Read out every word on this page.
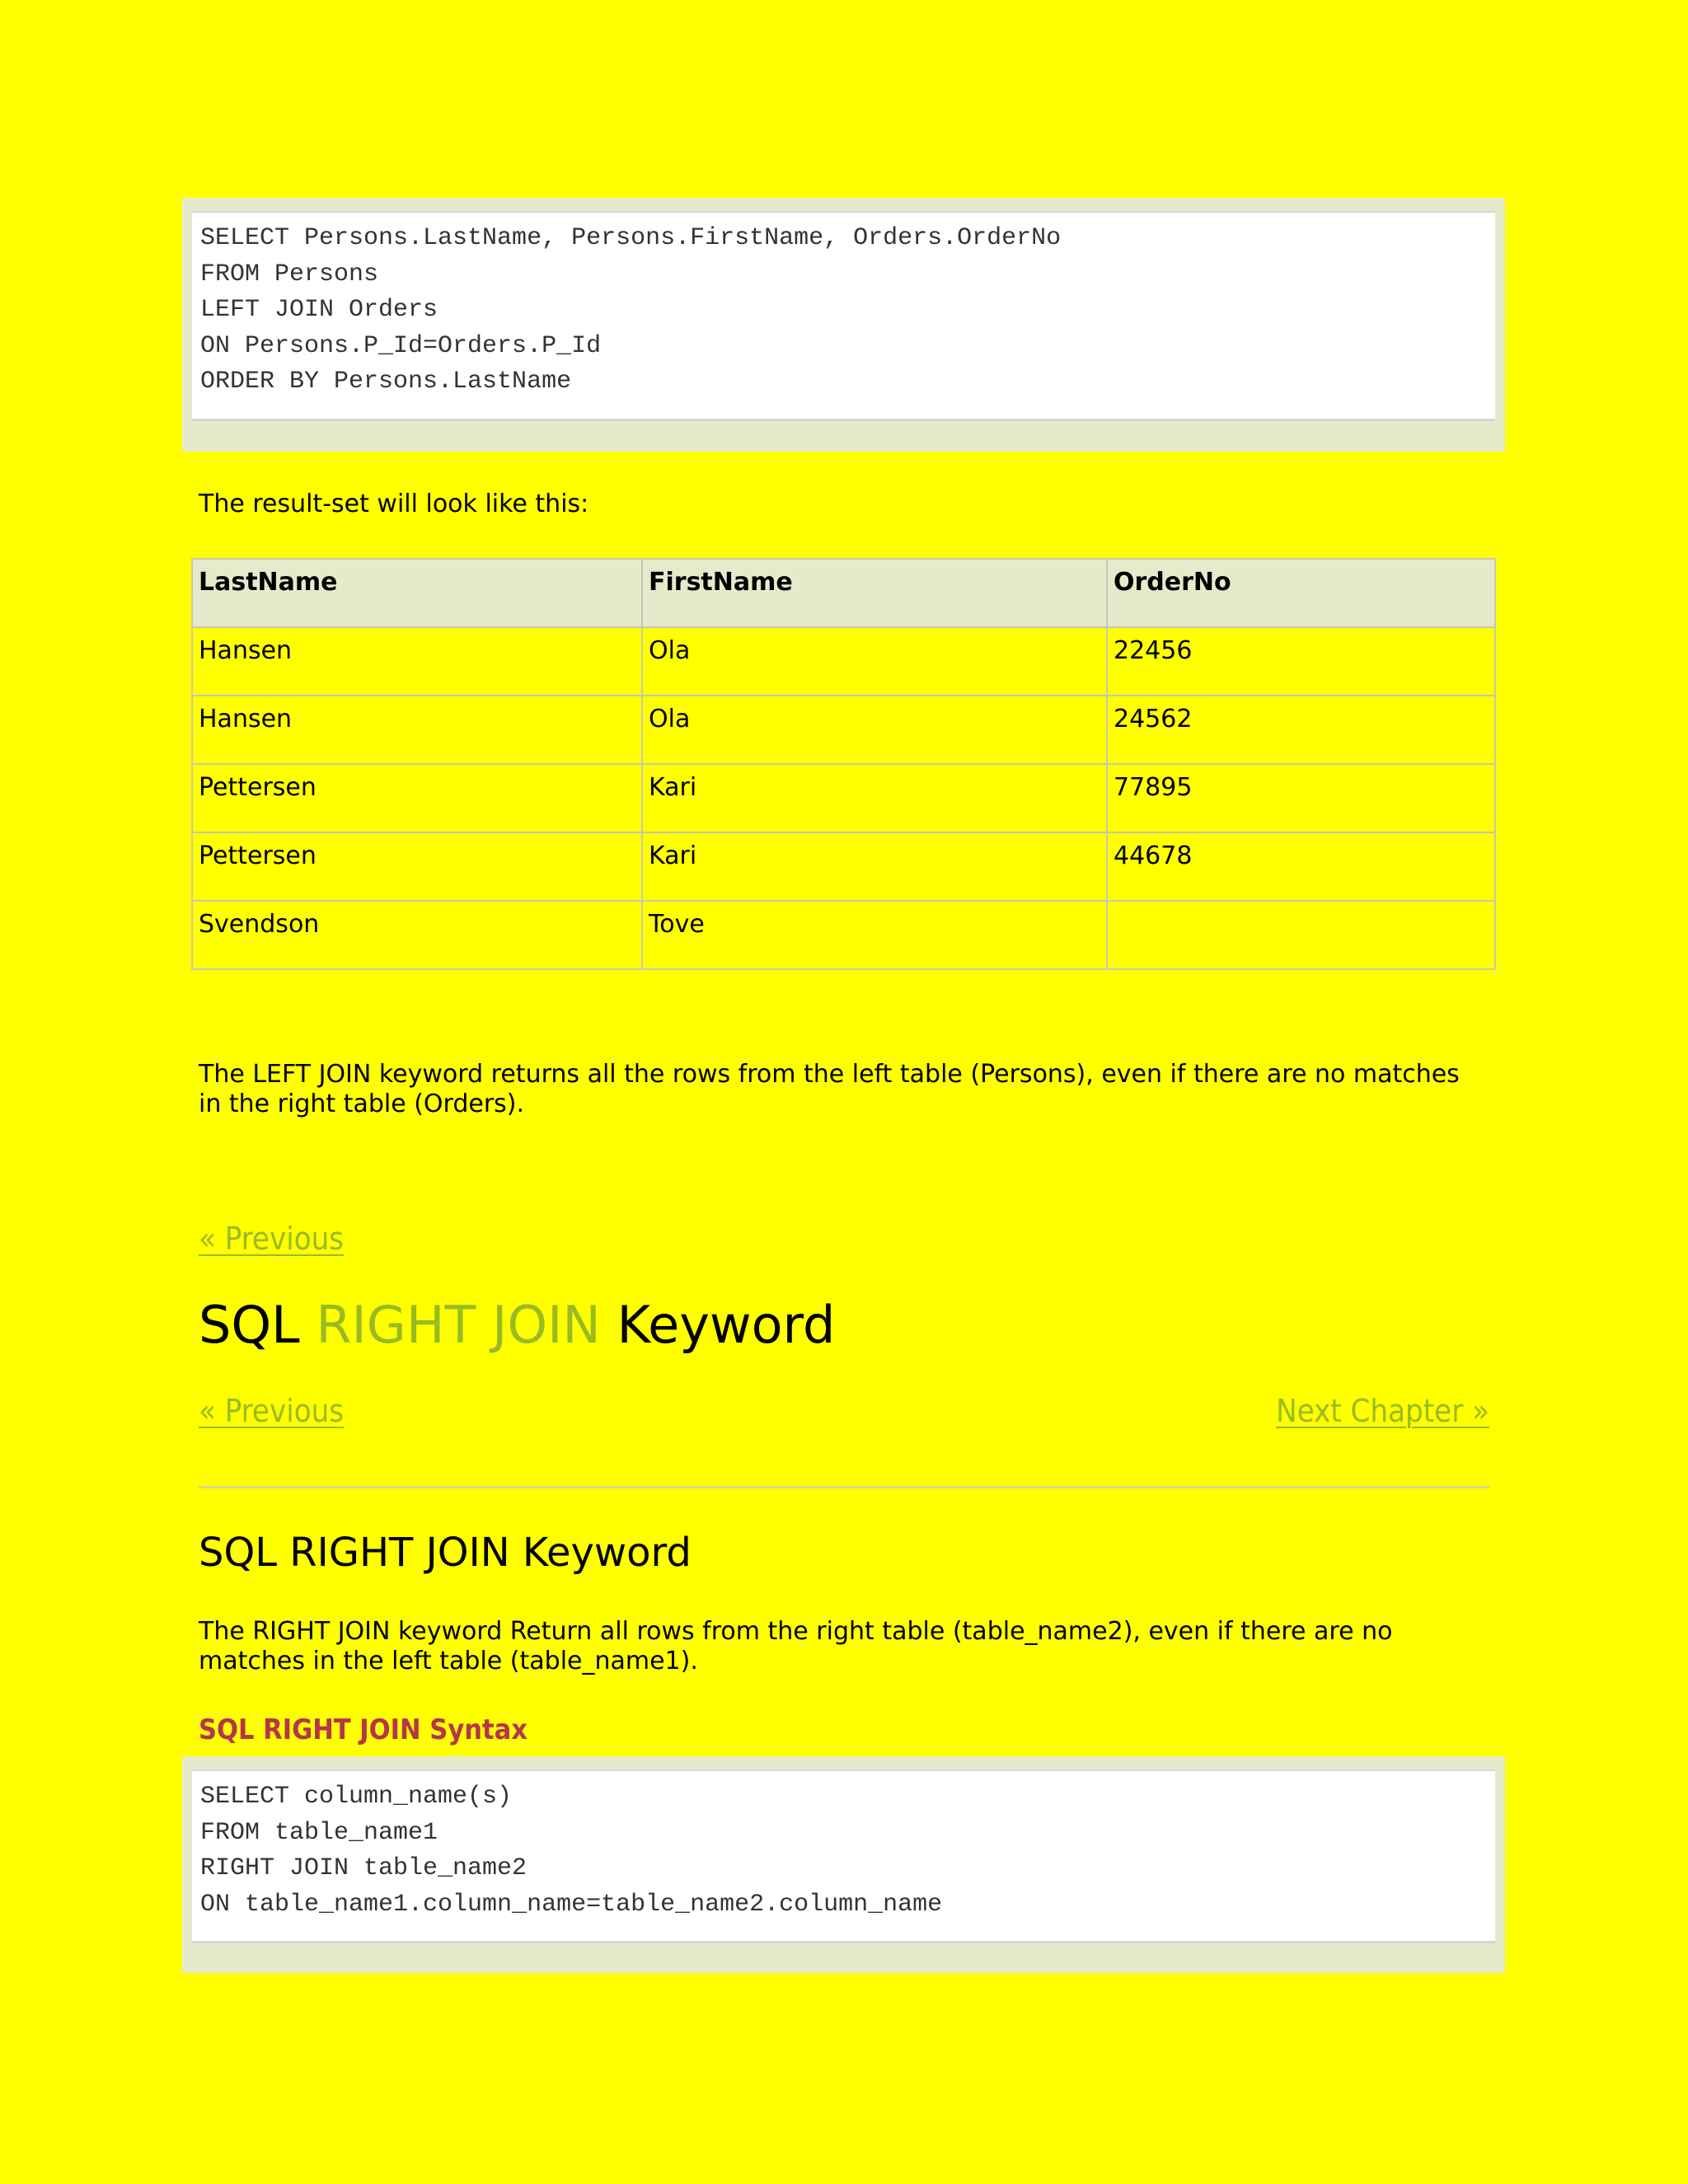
SELECT Persons.LastName, Persons.FirstName, Orders.OrderNo
FROM Persons
LEFT JOIN Orders
ON Persons.P_Id=Orders.P_Id
ORDER BY Persons.LastName

The result-set will look like this:

LastName	FirstName	OrderNo
Hansen	Ola	22456
Hansen	Ola	24562
Pettersen	Kari	77895
Pettersen	Kari	44678
Svendson	Tove	

The LEFT JOIN keyword returns all the rows from the left table (Persons), even if there are no matches in the right table (Orders).

« Previous
SQL RIGHT JOIN Keyword
« Previous	Next Chapter »
SQL RIGHT JOIN Keyword

The RIGHT JOIN keyword Return all rows from the right table (table_name2), even if there are no matches in the left table (table_name1).

SQL RIGHT JOIN Syntax
SELECT column_name(s)
FROM table_name1
RIGHT JOIN table_name2
ON table_name1.column_name=table_name2.column_name
